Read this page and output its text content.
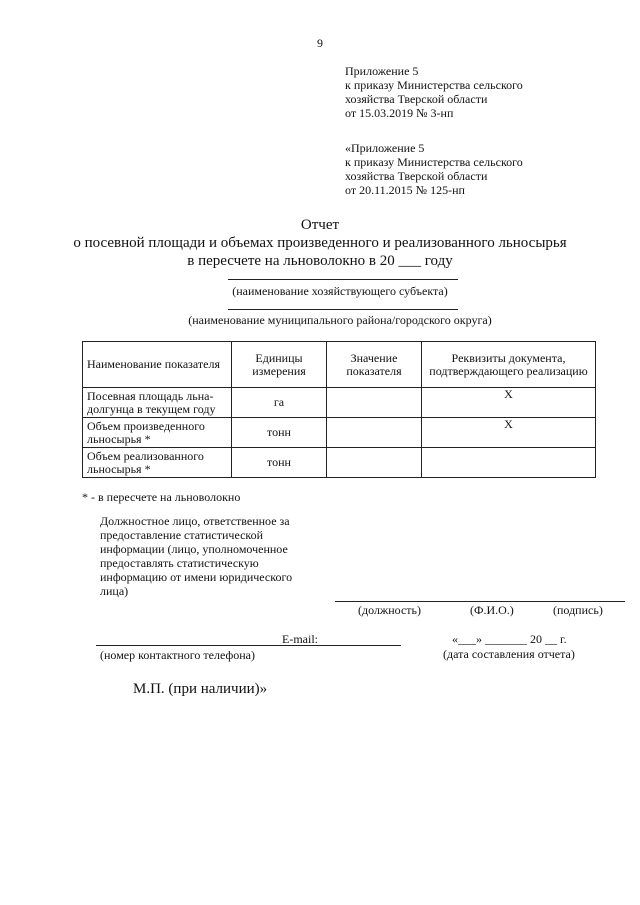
9
Приложение 5
к приказу Министерства сельского
хозяйства Тверской области
от 15.03.2019 № 3-нп
«Приложение 5
к приказу Министерства сельского
хозяйства Тверской области
от 20.11.2015 № 125-нп
Отчет
о посевной площади и объемах произведенного и реализованного льносырья
в пересчете на льноволокно в 20 ___ году
(наименование хозяйствующего субъекта)
(наименование муниципального района/городского округа)
Наименование показателя	Единицы измерения	Значение показателя	Реквизиты документа, подтверждающего реализацию
Посевная площадь льна-долгунца в текущем году	га		Х
Объем произведенного льносырья *	тонн		Х
Объем реализованного льносырья *	тонн		
* - в пересчете на льноволокно
Должностное лицо, ответственное за предоставление статистической информации (лицо, уполномоченное предоставлять статистическую информацию от имени юридического лица)
(должность)	(Ф.И.О.)	(подпись)
E-mail:
(номер контактного телефона)
«___» _______ 20 __ г.
(дата составления отчета)
М.П. (при наличии)»
